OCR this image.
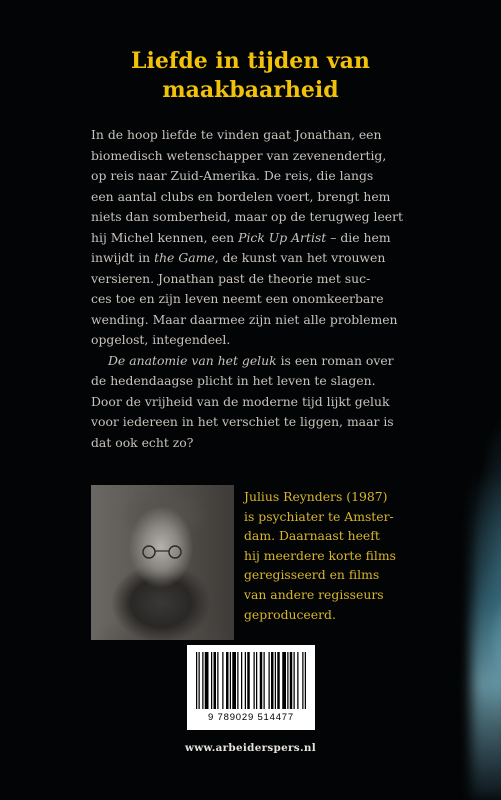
Liefde in tijden van
maakbaarheid
In de hoop liefde te vinden gaat Jonathan, een
biomedisch wetenschapper van zevenendertig,
op reis naar Zuid-Amerika. De reis, die langs
een aantal clubs en bordelen voert, brengt hem
niets dan somberheid, maar op de terugweg leert
hij Michel kennen, een Pick Up Artist – die hem
inwijdt in the Game, de kunst van het vrouwen
versieren. Jonathan past de theorie met suc-
ces toe en zijn leven neemt een onomkeerbare
wending. Maar daarmee zijn niet alle problemen
opgelost, integendeel.
De anatomie van het geluk is een roman over
de hedendaagse plicht in het leven te slagen.
Door de vrijheid van de moderne tijd lijkt geluk
voor iedereen in het verschiet te liggen, maar is
dat ook echt zo?
Julius Reynders (1987)
is psychiater te Amster-
dam. Daarnaast heeft
hij meerdere korte films
geregisseerd en films
van andere regisseurs
geproduceerd.
9 789029 514477
www.arbeiderspers.nl
